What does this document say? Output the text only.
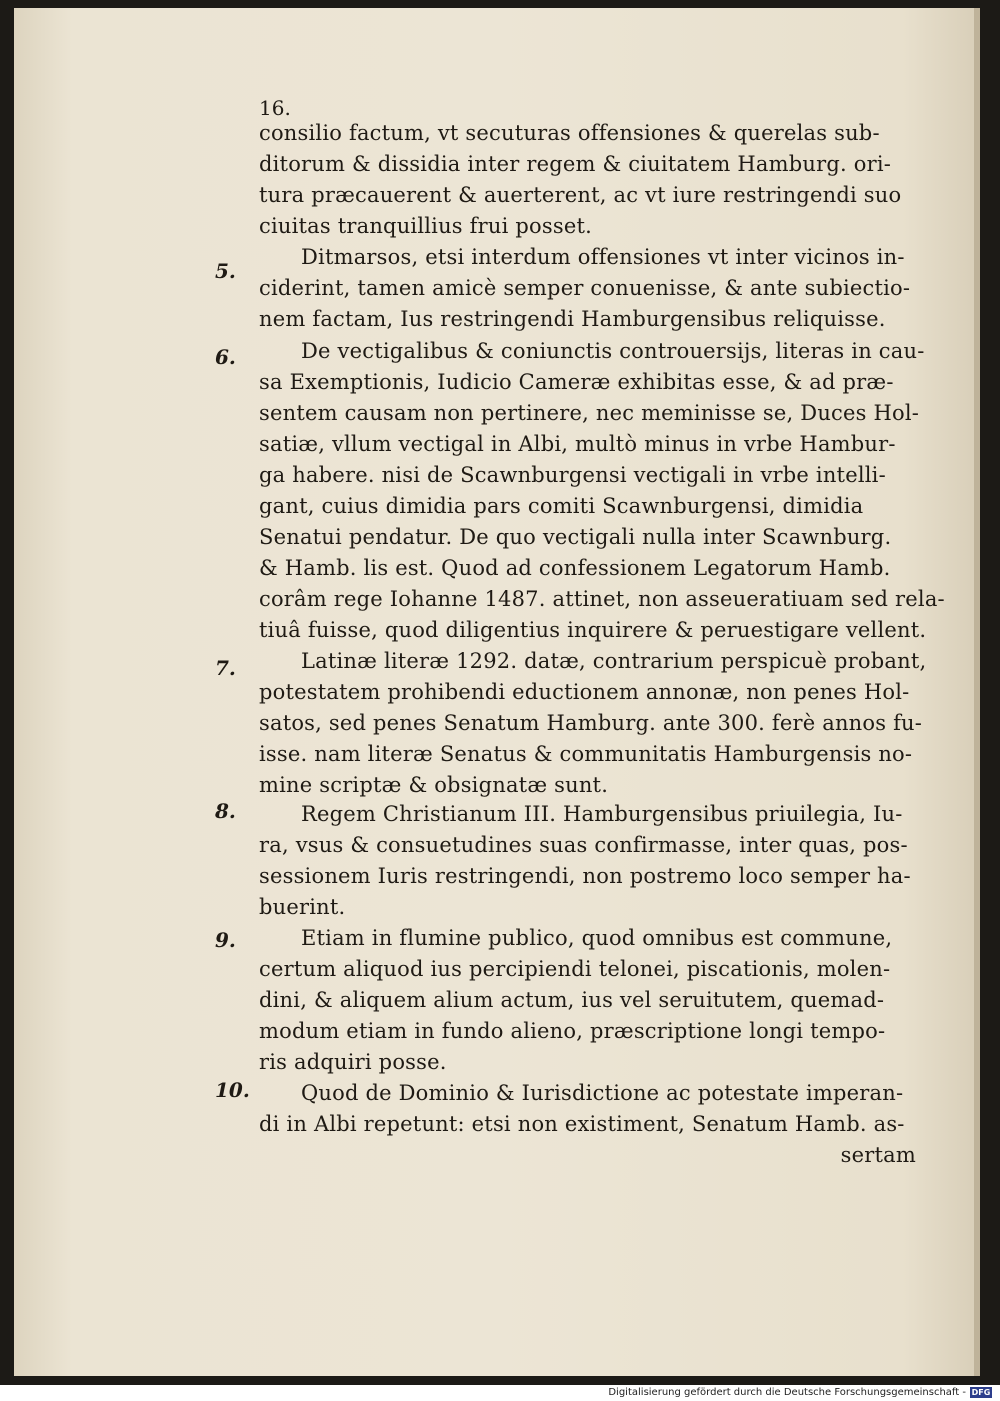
16.
consilio factum, vt secuturas offensiones & querelas sub-
ditorum & dissidia inter regem & ciuitatem Hamburg. ori-
tura præcauerent & auerterent, ac vt iure restringendi suo
ciuitas tranquillius frui posset.
5.
Ditmarsos, etsi interdum offensiones vt inter vicinos in-
ciderint, tamen amicè semper conuenisse, & ante subiectio-
nem factam, Ius restringendi Hamburgensibus reliquisse.
6.	De vectigalibus & coniunctis controuersijs, literas in cau-
sa Exemptionis, Iudicio Cameræ exhibitas esse, & ad præ-
sentem causam non pertinere, nec meminisse se, Duces Hol-
satiæ, vllum vectigal in Albi, multò minus in vrbe Hambur-
ga habere. nisi de Scawnburgensi vectigali in vrbe intelli-
gant, cuius dimidia pars comiti Scawnburgensi, dimidia
Senatui pendatur. De quo vectigali nulla inter Scawnburg.
& Hamb. lis est. Quod ad confessionem Legatorum Hamb.
corâm rege Iohanne 1487. attinet, non asseueratiuam sed rela-
tiuâ fuisse, quod diligentius inquirere & peruestigare vellent.
7.	Latinæ literæ 1292. datæ, contrarium perspicuè probant,
potestatem prohibendi eductionem annonæ, non penes Hol-
satos, sed penes Senatum Hamburg. ante 300. ferè annos fu-
isse. nam literæ Senatus & communitatis Hamburgensis no-
mine scriptæ & obsignatæ sunt.
8.	Regem Christianum III. Hamburgensibus priuilegia, Iu-
ra, vsus & consuetudines suas confirmasse, inter quas, pos-
sessionem Iuris restringendi, non postremo loco semper ha-
buerint.
9.	Etiam in flumine publico, quod omnibus est commune,
certum aliquod ius percipiendi telonei, piscationis, molen-
dini, & aliquem alium actum, ius vel seruitutem, quemad-
modum etiam in fundo alieno, præscriptione longi tempo-
ris adquiri posse.
10. Quod de Dominio & Iurisdictione ac potestate imperan-
di in Albi repetunt: etsi non existiment, Senatum Hamb. as-
sertam
Digitalisierung gefördert durch die Deutsche Forschungsgemeinschaft - DFG
